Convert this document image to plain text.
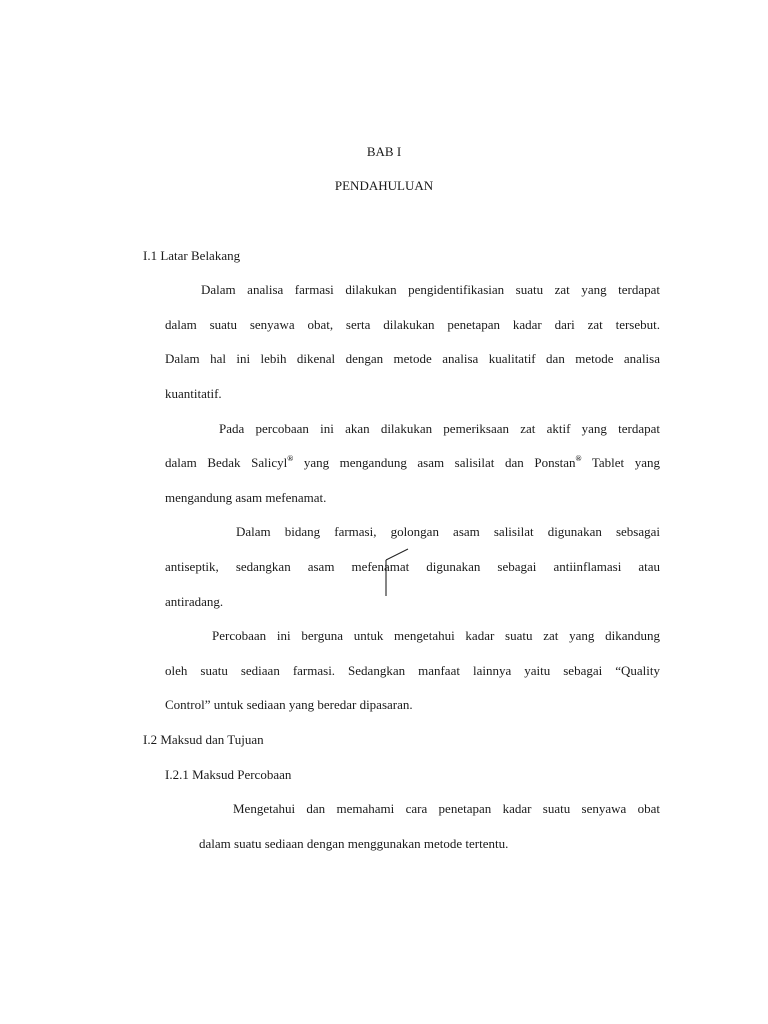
BAB I
PENDAHULUAN
I.1 Latar Belakang
Dalam analisa farmasi dilakukan pengidentifikasian suatu zat yang terdapat
dalam suatu senyawa obat, serta dilakukan penetapan kadar dari zat tersebut.
Dalam hal ini lebih dikenal dengan metode analisa kualitatif dan metode analisa
kuantitatif.
Pada percobaan ini akan dilakukan pemeriksaan zat aktif yang terdapat
dalam Bedak Salicyl® yang mengandung asam salisilat dan Ponstan® Tablet yang
mengandung asam mefenamat.
Dalam bidang farmasi, golongan asam salisilat digunakan sebsagai
antiseptik, sedangkan asam mefenamat digunakan sebagai antiinflamasi atau
antiradang.
Percobaan ini berguna untuk mengetahui kadar suatu zat yang dikandung
oleh suatu sediaan farmasi. Sedangkan manfaat lainnya yaitu sebagai “Quality
Control” untuk sediaan yang beredar dipasaran.
I.2 Maksud dan Tujuan
I.2.1 Maksud Percobaan
Mengetahui dan memahami cara penetapan kadar suatu senyawa obat
dalam suatu sediaan dengan menggunakan metode tertentu.
